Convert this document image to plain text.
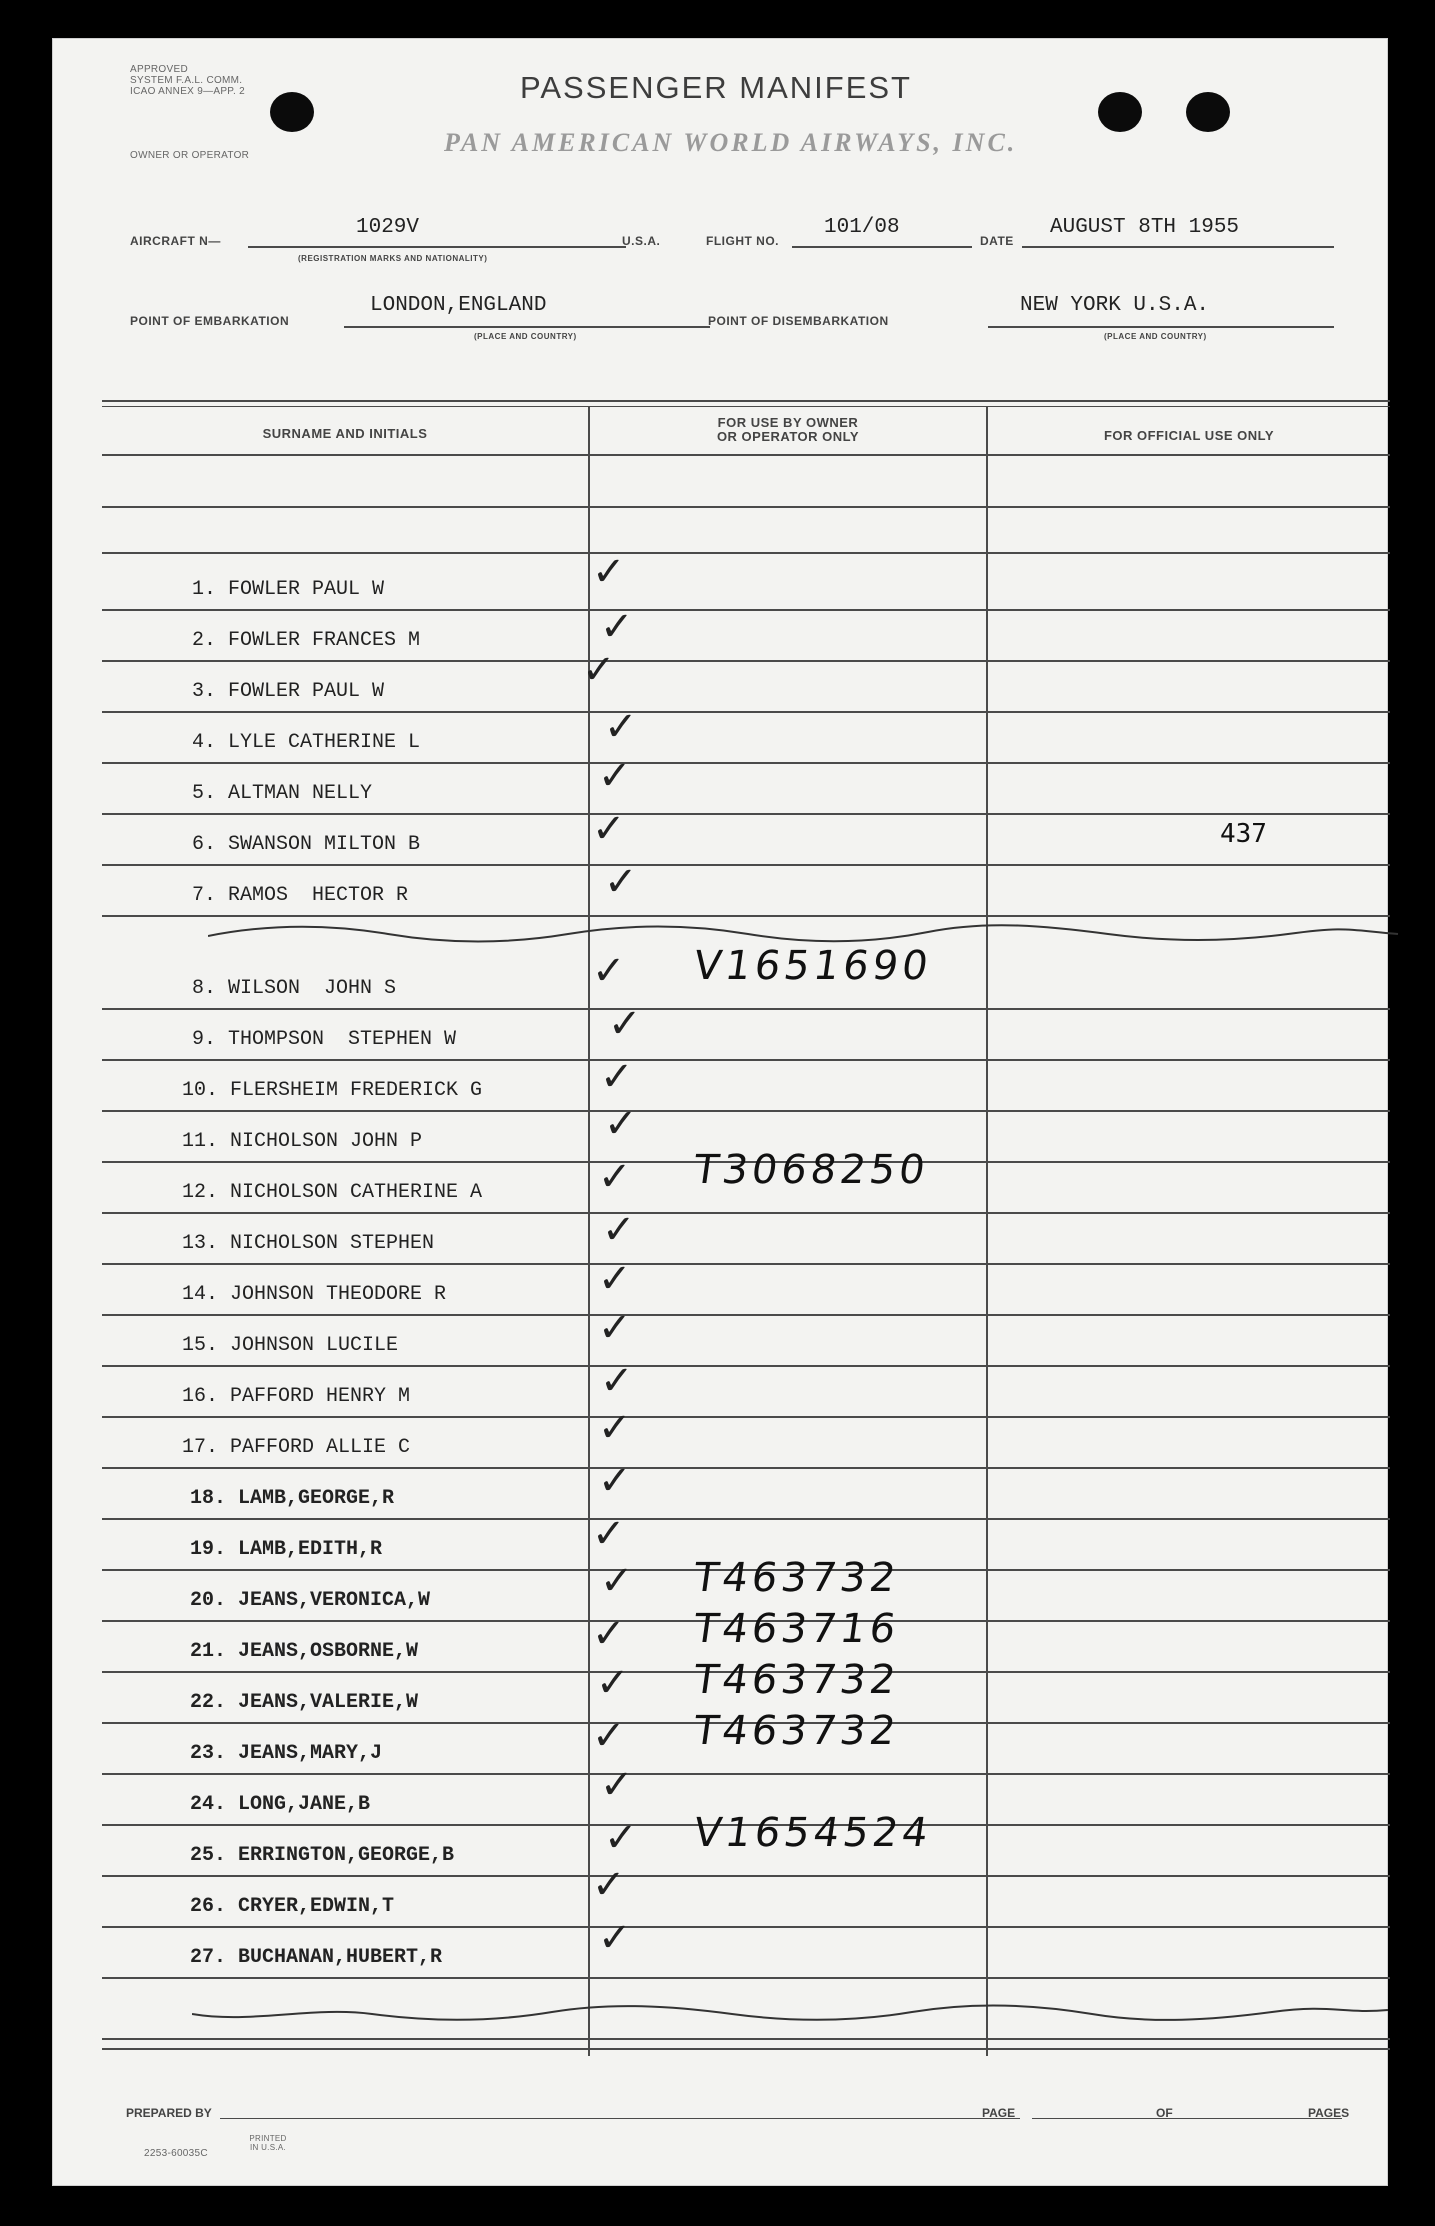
APPROVED
SYSTEM F.A.L. COMM.
ICAO ANNEX 9—APP. 2
OWNER OR OPERATOR
PASSENGER MANIFEST
PAN AMERICAN WORLD AIRWAYS, INC.
AIRCRAFT N—
1029V
(REGISTRATION MARKS AND NATIONALITY)
U.S.A.	FLIGHT NO.
101/08
DATE
AUGUST 8TH 1955
POINT OF EMBARKATION
LONDON,ENGLAND
(PLACE AND COUNTRY)
POINT OF DISEMBARKATION
NEW YORK U.S.A.
(PLACE AND COUNTRY)
SURNAME AND INITIALS
FOR USE BY OWNER
OR OPERATOR ONLY	FOR OFFICIAL USE ONLY
1. FOWLER PAUL W	✓
2. FOWLER FRANCES M	✓
3. FOWLER PAUL W	✓
4. LYLE CATHERINE L	✓
5. ALTMAN NELLY	✓
6. SWANSON MILTON B	✓	437
7. RAMOS  HECTOR R	✓
8. WILSON  JOHN S	✓ V1651690
9. THOMPSON  STEPHEN W	✓
10. FLERSHEIM FREDERICK G	✓
11. NICHOLSON JOHN P	✓
12. NICHOLSON CATHERINE A	✓ T3068250
13. NICHOLSON STEPHEN	✓
14. JOHNSON THEODORE R	✓
15. JOHNSON LUCILE	✓
16. PAFFORD HENRY M	✓
17. PAFFORD ALLIE C	✓
18. LAMB,GEORGE,R	✓
19. LAMB,EDITH,R	✓
20. JEANS,VERONICA,W	✓ T463732
21. JEANS,OSBORNE,W	✓ T463716
22. JEANS,VALERIE,W	✓ T463732
23. JEANS,MARY,J	✓ T463732
24. LONG,JANE,B	✓
25. ERRINGTON,GEORGE,B	✓ V1654524
26. CRYER,EDWIN,T	✓
27. BUCHANAN,HUBERT,R	✓
PREPARED BY	PAGE	OF	PAGES
2253-60035C
PRINTED IN U.S.A.
